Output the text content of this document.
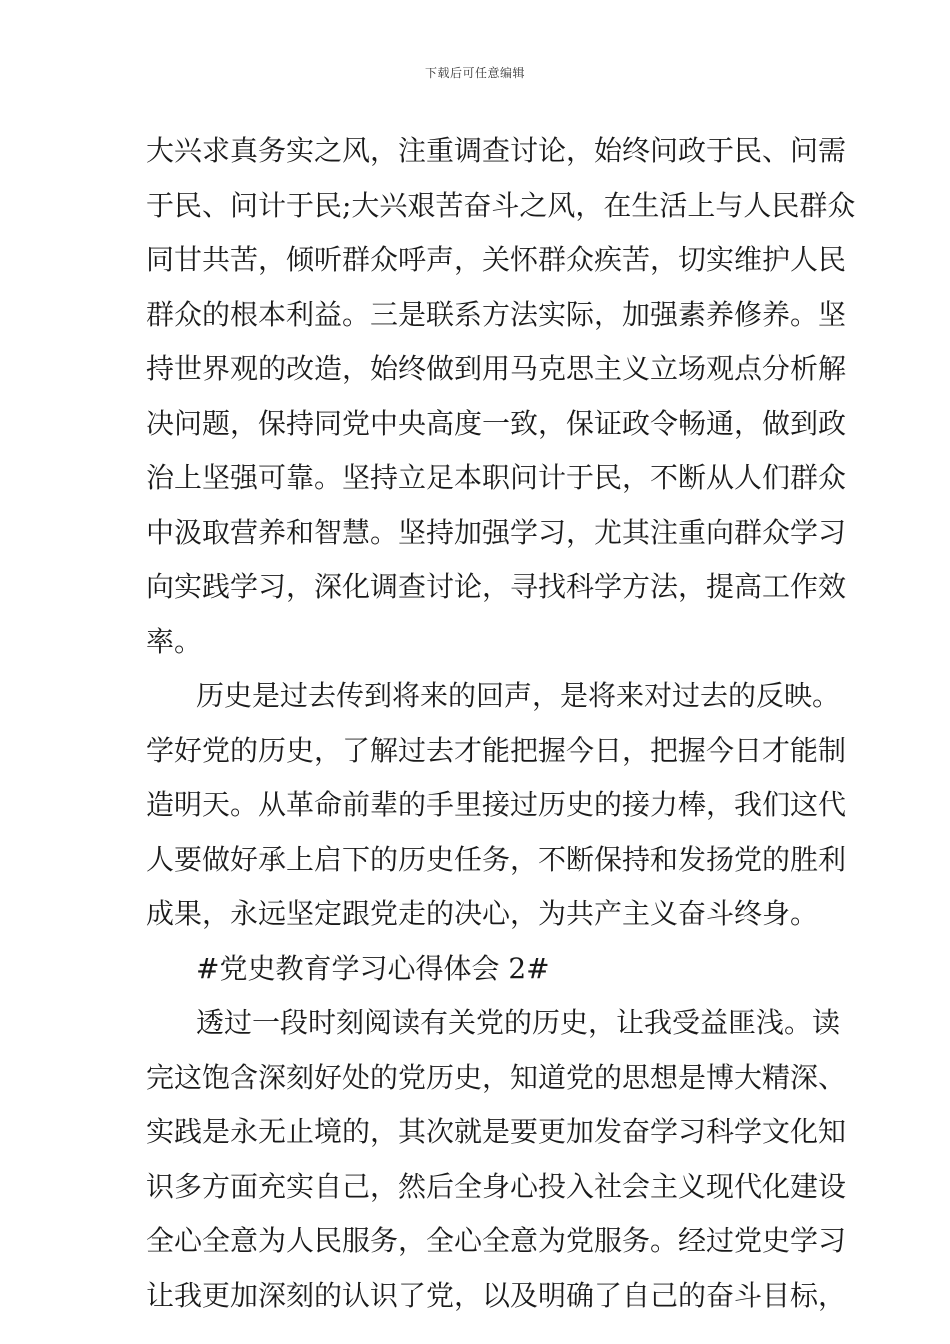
下载后可任意编辑
大兴求真务实之风，注重调查讨论，始终问政于民、问需
于民、问计于民;大兴艰苦奋斗之风，在生活上与人民群众
同甘共苦，倾听群众呼声，关怀群众疾苦，切实维护人民
群众的根本利益。三是联系方法实际，加强素养修养。坚
持世界观的改造，始终做到用马克思主义立场观点分析解
决问题，保持同党中央高度一致，保证政令畅通，做到政
治上坚强可靠。坚持立足本职问计于民，不断从人们群众
中汲取营养和智慧。坚持加强学习，尤其注重向群众学习
向实践学习，深化调查讨论，寻找科学方法，提高工作效
率。
历史是过去传到将来的回声，是将来对过去的反映。
学好党的历史，了解过去才能把握今日，把握今日才能制
造明天。从革命前辈的手里接过历史的接力棒，我们这代
人要做好承上启下的历史任务，不断保持和发扬党的胜利
成果，永远坚定跟党走的决心，为共产主义奋斗终身。
#党史教育学习心得体会 2#
透过一段时刻阅读有关党的历史，让我受益匪浅。读
完这饱含深刻好处的党历史，知道党的思想是博大精深、
实践是永无止境的，其次就是要更加发奋学习科学文化知
识多方面充实自己，然后全身心投入社会主义现代化建设
全心全意为人民服务，全心全意为党服务。经过党史学习
让我更加深刻的认识了党，以及明确了自己的奋斗目标，
